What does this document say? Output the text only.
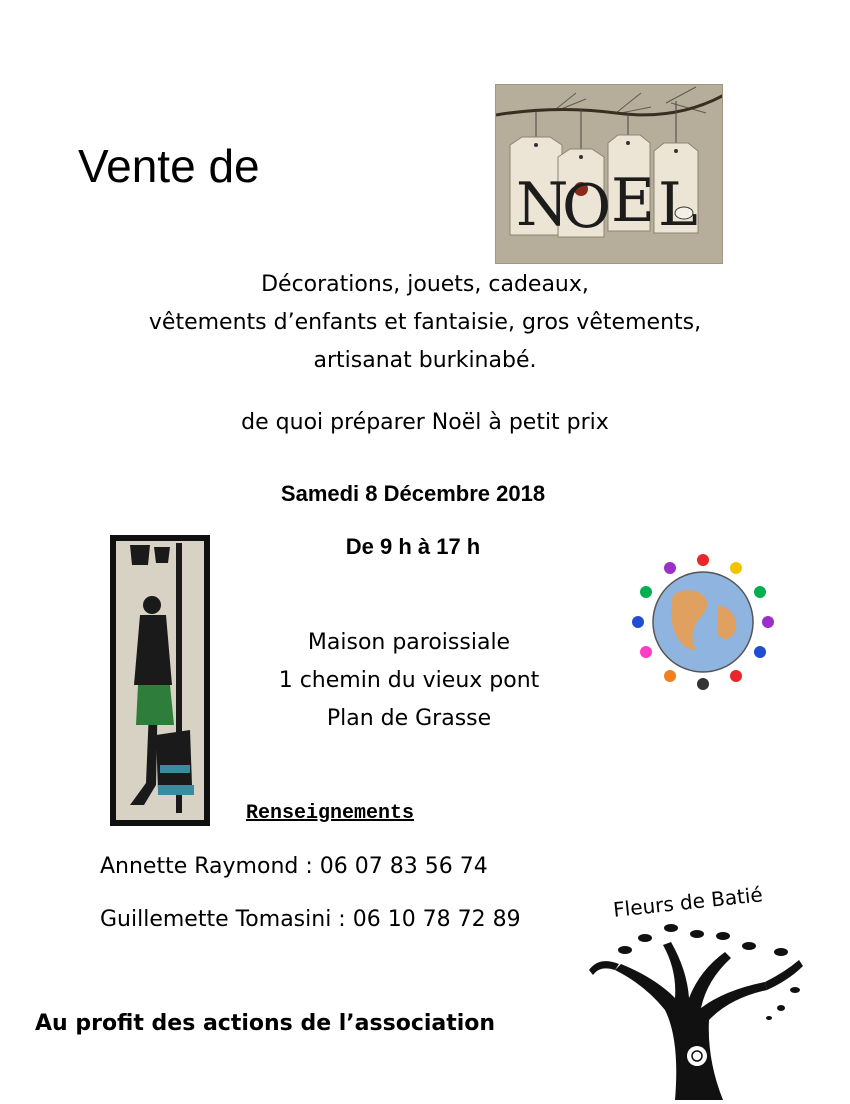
Vente de
N
O E L
Décorations, jouets, cadeaux,
vêtements d’enfants et fantaisie, gros vêtements,
artisanat burkinabé.
de quoi préparer Noël à petit prix
Samedi 8 Décembre 2018
De 9 h à 17 h
Maison paroissiale
1 chemin du vieux pont
Plan de Grasse
Renseignements
Annette Raymond : 06 07 83 56 74
Guillemette Tomasini : 06 10 78 72 89
Au profit des actions de l’association
Fleurs de Batié
